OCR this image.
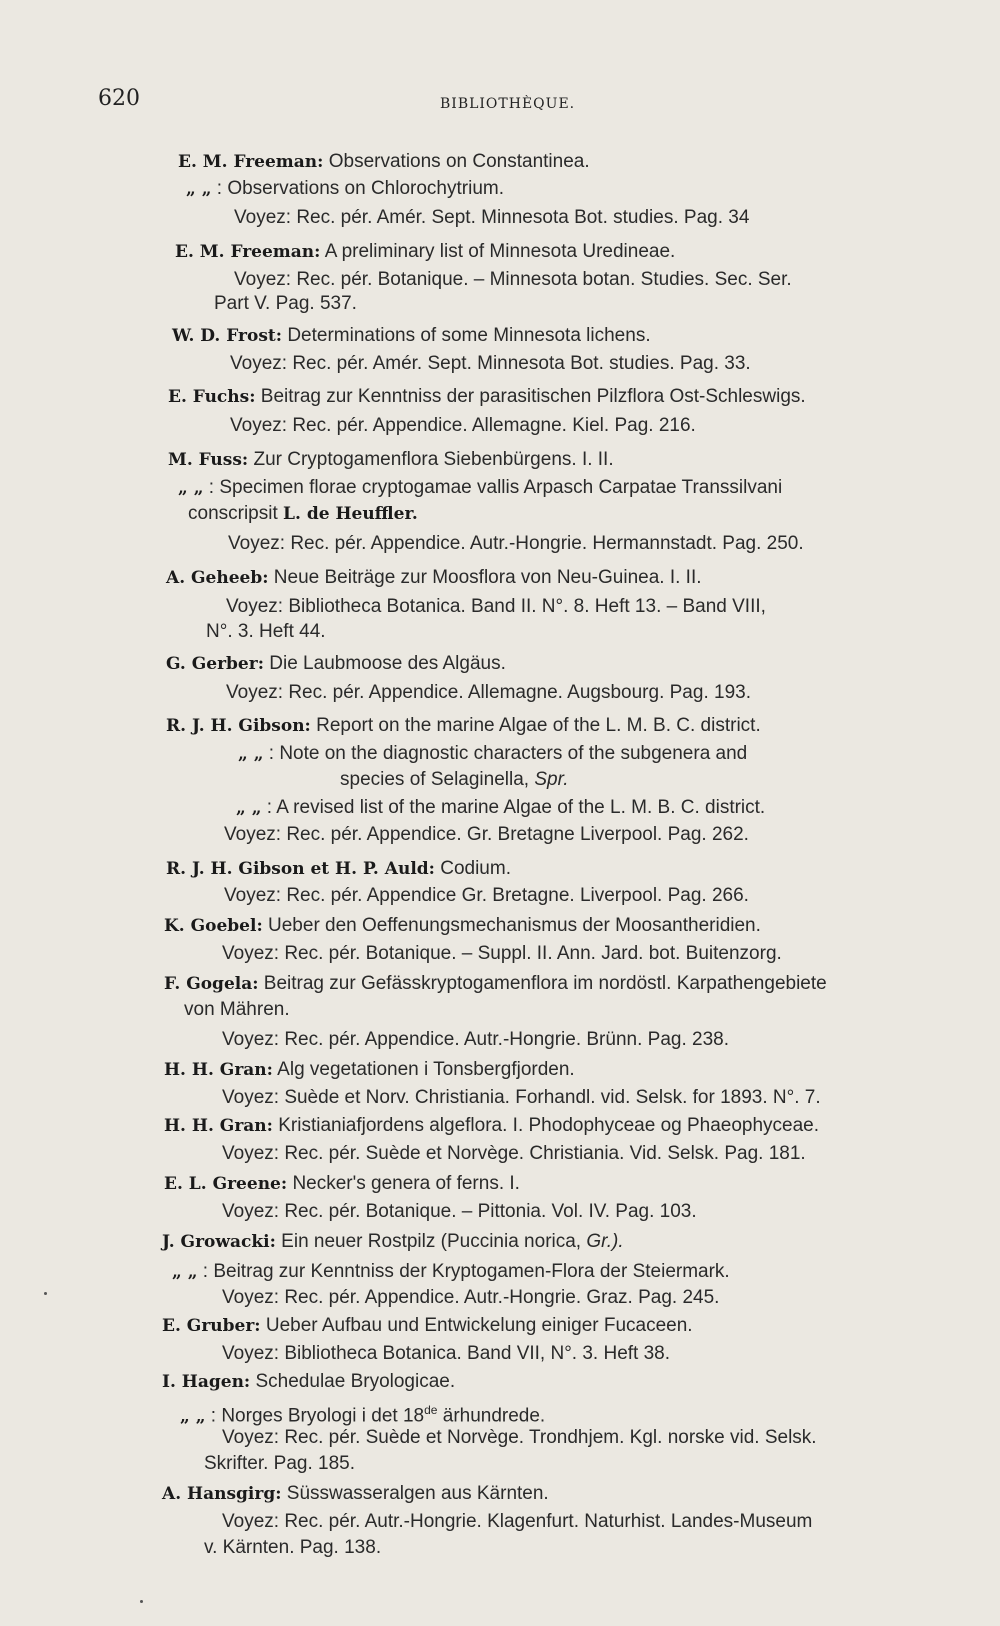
620	BIBLIOTHÈQUE.
E. M. Freeman: Observations on Constantinea.
„ „ : Observations on Chlorochytrium.
Voyez: Rec. pér. Amér. Sept. Minnesota Bot. studies. Pag. 34
E. M. Freeman: A preliminary list of Minnesota Uredineae.
Voyez: Rec. pér. Botanique. – Minnesota botan. Studies. Sec. Ser.
Part V. Pag. 537.
W. D. Frost: Determinations of some Minnesota lichens.
Voyez: Rec. pér. Amér. Sept. Minnesota Bot. studies. Pag. 33.
E. Fuchs: Beitrag zur Kenntniss der parasitischen Pilzflora Ost-Schleswigs.
Voyez: Rec. pér. Appendice. Allemagne. Kiel. Pag. 216.
M. Fuss: Zur Cryptogamenflora Siebenbürgens. I. II.
„ „ : Specimen florae cryptogamae vallis Arpasch Carpatae Transsilvani
conscripsit L. de Heuffler.
Voyez: Rec. pér. Appendice. Autr.-Hongrie. Hermannstadt. Pag. 250.
A. Geheeb: Neue Beiträge zur Moosflora von Neu-Guinea. I. II.
Voyez: Bibliotheca Botanica. Band II. N°. 8. Heft 13. – Band VIII,
N°. 3. Heft 44.
G. Gerber: Die Laubmoose des Algäus.
Voyez: Rec. pér. Appendice. Allemagne. Augsbourg. Pag. 193.
R. J. H. Gibson: Report on the marine Algae of the L. M. B. C. district.
„ „ : Note on the diagnostic characters of the subgenera and
species of Selaginella, Spr.
„ „ : A revised list of the marine Algae of the L. M. B. C. district.
Voyez: Rec. pér. Appendice. Gr. Bretagne Liverpool. Pag. 262.
R. J. H. Gibson et H. P. Auld: Codium.
Voyez: Rec. pér. Appendice Gr. Bretagne. Liverpool. Pag. 266.
K. Goebel: Ueber den Oeffenungsmechanismus der Moosantheridien.
Voyez: Rec. pér. Botanique. – Suppl. II. Ann. Jard. bot. Buitenzorg.
F. Gogela: Beitrag zur Gefässkryptogamenflora im nordöstl. Karpathengebiete
von Mähren.
Voyez: Rec. pér. Appendice. Autr.-Hongrie. Brünn. Pag. 238.
H. H. Gran: Alg vegetationen i Tonsbergfjorden.
Voyez: Suède et Norv. Christiania. Forhandl. vid. Selsk. for 1893. N°. 7.
H. H. Gran: Kristianiafjordens algeflora. I. Phodophyceae og Phaeophyceae.
Voyez: Rec. pér. Suède et Norvège. Christiania. Vid. Selsk. Pag. 181.
E. L. Greene: Necker's genera of ferns. I.
Voyez: Rec. pér. Botanique. – Pittonia. Vol. IV. Pag. 103.
J. Growacki: Ein neuer Rostpilz (Puccinia norica, Gr.).
„ „ : Beitrag zur Kenntniss der Kryptogamen-Flora der Steiermark.
Voyez: Rec. pér. Appendice. Autr.-Hongrie. Graz. Pag. 245.
E. Gruber: Ueber Aufbau und Entwickelung einiger Fucaceen.
Voyez: Bibliotheca Botanica. Band VII, N°. 3. Heft 38.
I. Hagen: Schedulae Bryologicae.
„ „ : Norges Bryologi i det 18de ärhundrede.
Voyez: Rec. pér. Suède et Norvège. Trondhjem. Kgl. norske vid. Selsk.
Skrifter. Pag. 185.
A. Hansgirg: Süsswasseralgen aus Kärnten.
Voyez: Rec. pér. Autr.-Hongrie. Klagenfurt. Naturhist. Landes-Museum
v. Kärnten. Pag. 138.
